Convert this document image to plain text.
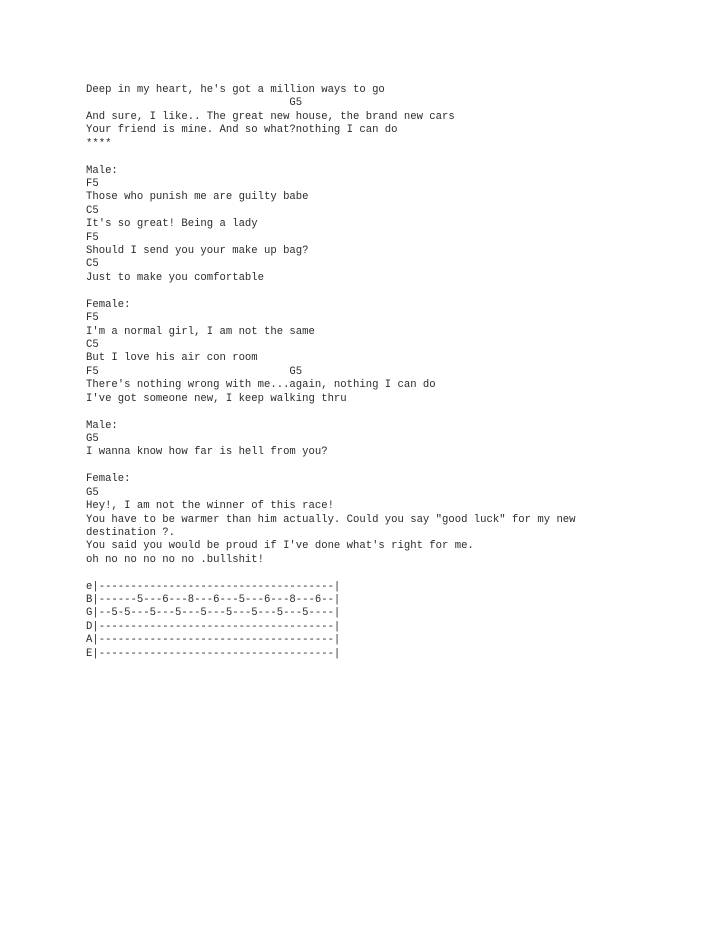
Deep in my heart, he's got a million ways to go
G5
And sure, I like.. The great new house, the brand new cars
Your friend is mine. And so what?nothing I can do
****
Male:
F5
Those who punish me are guilty babe
C5
It's so great! Being a lady
F5
Should I send you your make up bag?
C5
Just to make you comfortable
Female:
F5
I'm a normal girl, I am not the same
C5
But I love his air con room
F5                              G5
There's nothing wrong with me...again, nothing I can do
I've got someone new, I keep walking thru
Male:
G5
I wanna know how far is hell from you?
Female:
G5
Hey!, I am not the winner of this race!
You have to be warmer than him actually. Could you say "good luck" for my new
destination ?.
You said you would be proud if I've done what's right for me.
oh no no no no no .bullshit!
e|-------------------------------------|
B|------5---6---8---6---5---6---8---6--|
G|--5-5---5---5---5---5---5---5---5----|
D|-------------------------------------|
A|-------------------------------------|
E|-------------------------------------|
